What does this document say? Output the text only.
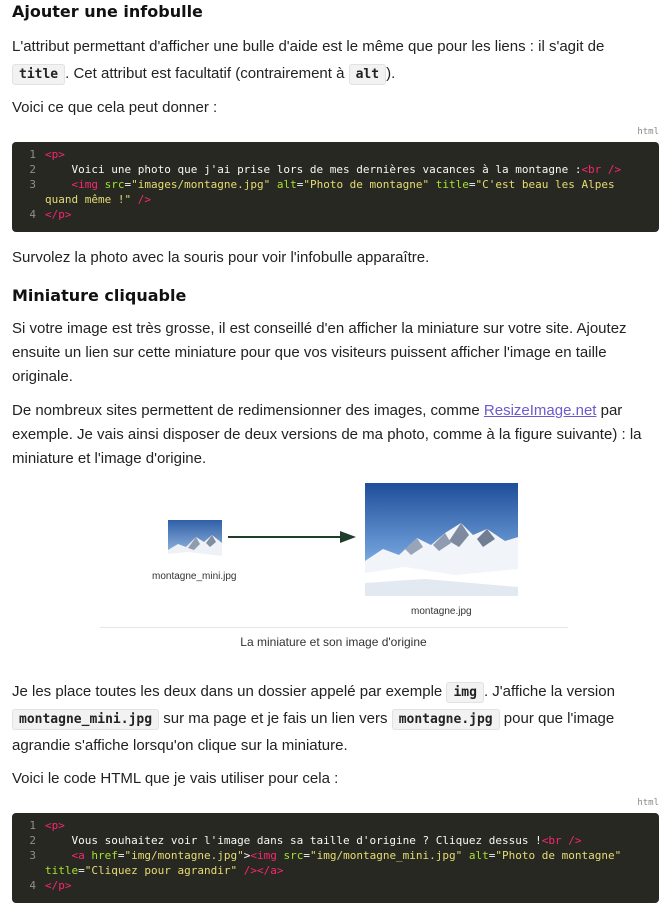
Ajouter une infobulle

L'attribut permettant d'afficher une bulle d'aide est le même que pour les liens : il s'agit de title . Cet attribut est facultatif (contrairement à alt ).

Voici ce que cela peut donner :

html
1 <p>
2	Voici une photo que j'ai prise lors de mes dernières vacances à la montagne :<br />
3	<img src="images/montagne.jpg" alt="Photo de montagne" title="C'est beau les Alpes quand même !" />
4 </p>

Survolez la photo avec la souris pour voir l'infobulle apparaître.

Miniature cliquable

Si votre image est très grosse, il est conseillé d'en afficher la miniature sur votre site. Ajoutez ensuite un lien sur cette miniature pour que vos visiteurs puissent afficher l'image en taille originale.

De nombreux sites permettent de redimensionner des images, comme ResizeImage.net par exemple. Je vais ainsi disposer de deux versions de ma photo, comme à la figure suivante) : la miniature et l'image d'origine.

montagne_mini.jpg
montagne.jpg
La miniature et son image d'origine

Je les place toutes les deux dans un dossier appelé par exemple img . J'affiche la version montagne_mini.jpg sur ma page et je fais un lien vers montagne.jpg pour que l'image agrandie s'affiche lorsqu'on clique sur la miniature.

Voici le code HTML que je vais utiliser pour cela :

html
1 <p>
2	Vous souhaitez voir l'image dans sa taille d'origine ? Cliquez dessus !<br />
3	<a href="img/montagne.jpg"><img src="img/montagne_mini.jpg" alt="Photo de montagne" title="Cliquez pour agrandir" /></a>
4 </p>
